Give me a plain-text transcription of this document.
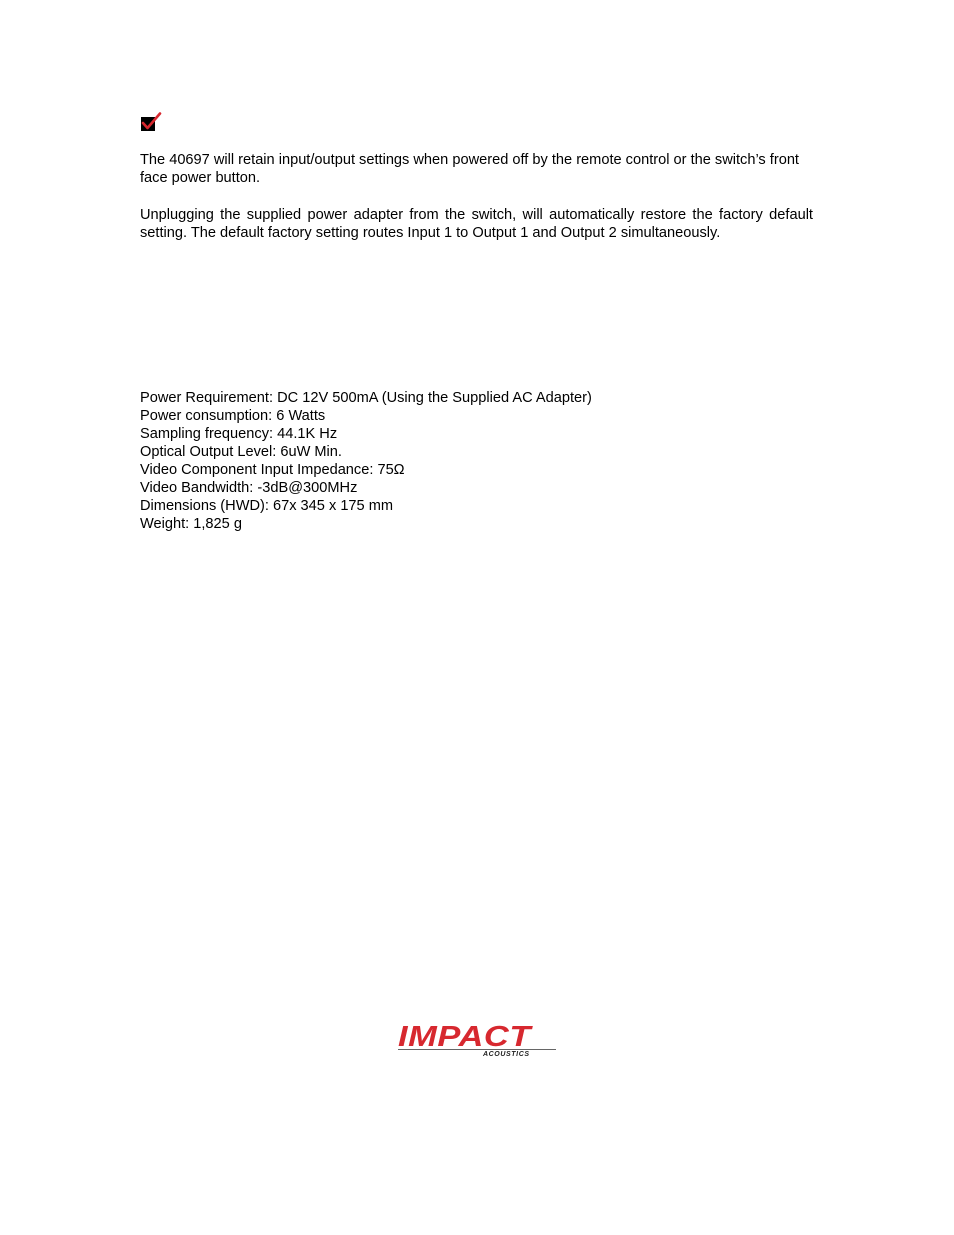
The 40697 will retain input/output settings when powered off by the remote control or the switch’s front face power button.

Unplugging the supplied power adapter from the switch, will automatically restore the factory default setting. The default factory setting routes Input 1 to Output 1 and Output 2 simultaneously.

Power Requirement: DC 12V 500mA (Using the Supplied AC Adapter)
Power consumption: 6 Watts
Sampling frequency: 44.1K Hz
Optical Output Level: 6uW Min.
Video Component Input Impedance: 75Ω
Video Bandwidth: -3dB@300MHz
Dimensions (HWD): 67x 345 x 175 mm
Weight: 1,825 g
IMPACT
ACOUSTICS
